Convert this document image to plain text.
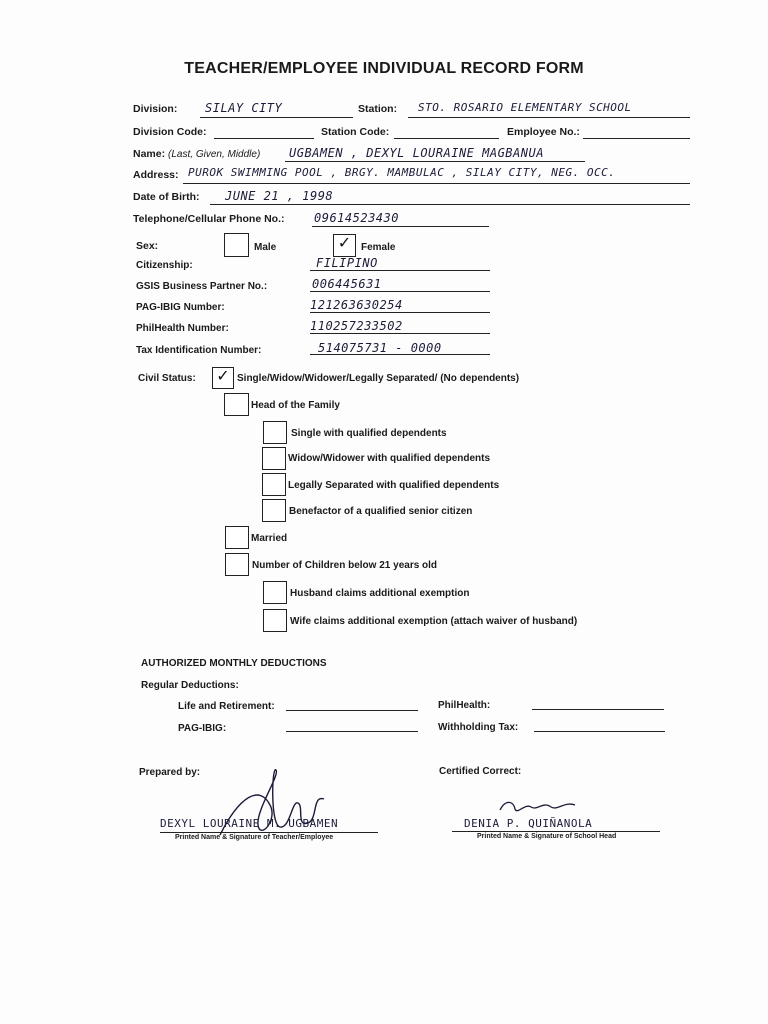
TEACHER/EMPLOYEE INDIVIDUAL RECORD FORM
Division: SILAY CITY	Station: STO. ROSARIO ELEMENTARY SCHOOL
Division Code:	Station Code:	Employee No.:
Name: (Last, Given, Middle) UGBAMEN , DEXYL LOURAINE MAGBANUA
Address: PUROK SWIMMING POOL , BRGY. MAMBULAC , SILAY CITY, NEG. OCC.
Date of Birth: JUNE 21 , 1998
Telephone/Cellular Phone No.: 09614523430
Sex:	Male	✓ Female
Citizenship:	FILIPINO
GSIS Business Partner No.:	006445631
PAG-IBIG Number:	121263630254
PhilHealth Number:	110257233502
Tax Identification Number:	514075731 - 0000
Civil Status: ✓ Single/Widow/Widower/Legally Separated/ (No dependents)
Head of the Family
Single with qualified dependents
Widow/Widower with qualified dependents
Legally Separated with qualified dependents
Benefactor of a qualified senior citizen
Married
Number of Children below 21 years old
Husband claims additional exemption
Wife claims additional exemption (attach waiver of husband)
AUTHORIZED MONTHLY DEDUCTIONS
Regular Deductions:
Life and Retirement:	PhilHealth:
PAG-IBIG:	Withholding Tax:
Prepared by:	Certified Correct:
DEXYL LOURAINE M. UGBAMEN
Printed Name & Signature of Teacher/Employee
DENIA P. QUIÑANOLA
Printed Name & Signature of School Head
